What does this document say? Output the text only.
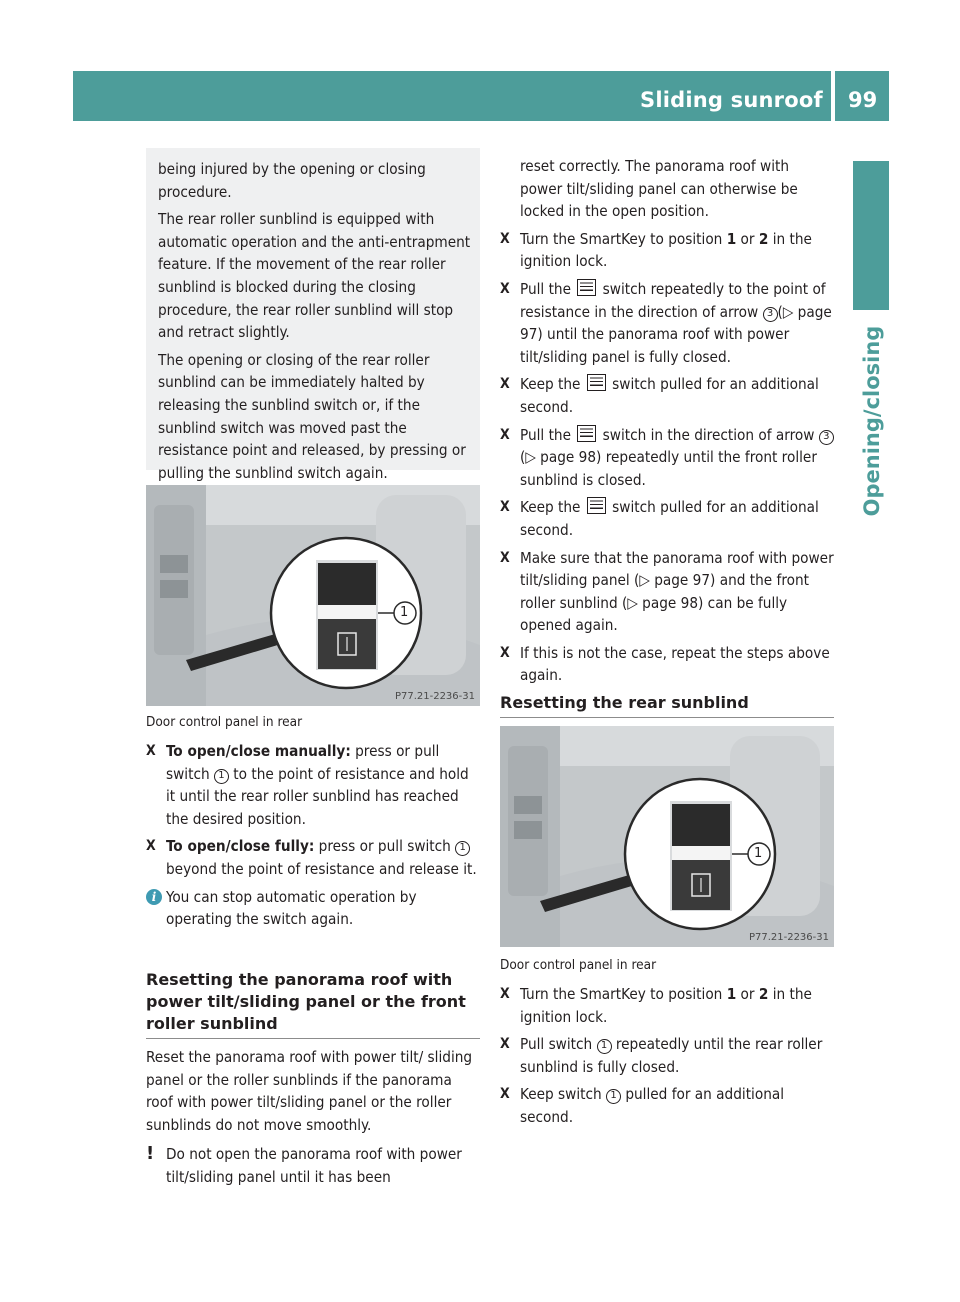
Sliding sunroof 99
Opening/closing

being injured by the opening or closing procedure.

The rear roller sunblind is equipped with automatic operation and the anti-entrapment feature. If the movement of the rear roller sunblind is blocked during the closing procedure, the rear roller sunblind will stop and retract slightly.

The opening or closing of the rear roller sunblind can be immediately halted by releasing the sunblind switch or, if the sunblind switch was moved past the resistance point and released, by pressing or pulling the sunblind switch again.

1
P77.21-2236-31
Door control panel in rear
X To open/close manually: press or pull switch 1 to the point of resistance and hold it until the rear roller sunblind has reached the desired position.
X To open/close fully: press or pull switch 1 beyond the point of resistance and release it.
i You can stop automatic operation by operating the switch again.
Resetting the panorama roof with power tilt/sliding panel or the front roller sunblind
Reset the panorama roof with power tilt/ sliding panel or the roller sunblinds if the panorama roof with power tilt/sliding panel or the roller sunblinds do not move smoothly.
! Do not open the panorama roof with power tilt/sliding panel until it has been
reset correctly. The panorama roof with power tilt/sliding panel can otherwise be locked in the open position.
X Turn the SmartKey to position 1 or 2 in the ignition lock.
X Pull the  switch repeatedly to the point of resistance in the direction of arrow 3 (▷ page 97) until the panorama roof with power tilt/sliding panel is fully closed.
X Keep the  switch pulled for an additional second.
X Pull the  switch in the direction of arrow 3(▷ page 98) repeatedly until the front roller sunblind is closed.
X Keep the  switch pulled for an additional second.
X Make sure that the panorama roof with power tilt/sliding panel (▷ page 97) and the front roller sunblind (▷ page 98) can be fully opened again.
X If this is not the case, repeat the steps above again.
Resetting the rear sunblind
1
P77.21-2236-31
Door control panel in rear
X Turn the SmartKey to position 1 or 2 in the ignition lock.
X Pull switch 1 repeatedly until the rear roller sunblind is fully closed.
X Keep switch 1 pulled for an additional second.
